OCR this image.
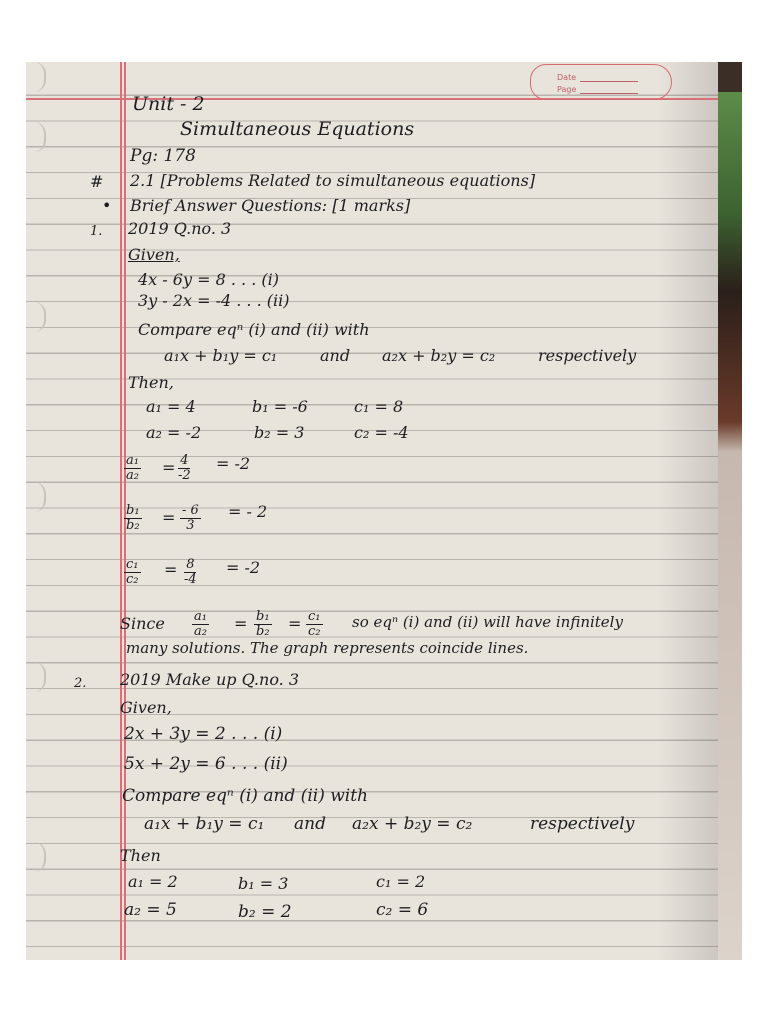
Date
Page
Unit - 2
Simultaneous Equations
Pg: 178
# 2.1 [Problems Related to simultaneous equations]
• Brief Answer Questions: [1 marks]
1. 2019 Q.no. 3
Given,
4x - 6y = 8 . . . (i)
3y - 2x = -4 . . . (ii)
Compare eqⁿ (i) and (ii) with
a₁x + b₁y = c₁	and a₂x + b₂y = c₂	respectively
Then,
a₁ = 4	b₁ = -6	c₁ = 8
a₂ = -2	b₂ = 3	c₂ = -4
$\frac{\text{a₁}}{\text{a₂}} = \frac{4}{-2} = -2$
$\frac{\text{b₁}}{\text{b₂}} = \frac{- 6}{3}$ = - 2
$\frac{\text{c₁}}{\text{c₂}} = \frac{8}{-4} = -2$
Since $\frac{\text{a₁}}{\text{a₂}} = \frac{\text{b₁}}{\text{b₂}} = \frac{\text{c₁}}{\text{c₂}}$ so eqⁿ (i) and (ii) will have infinitely
many solutions. The graph represents coincide lines.
2. 2019 Make up Q.no. 3
Given,
2x + 3y = 2 . . . (i)
5x + 2y = 6 . . . (ii)
Compare eqⁿ (i) and (ii) with
a₁x + b₁y = c₁ and a₂x + b₂y = c₂	respectively
Then
a₁ = 2	b₁ = 3	c₁ = 2
a₂ = 5	b₂ = 2	c₂ = 6
